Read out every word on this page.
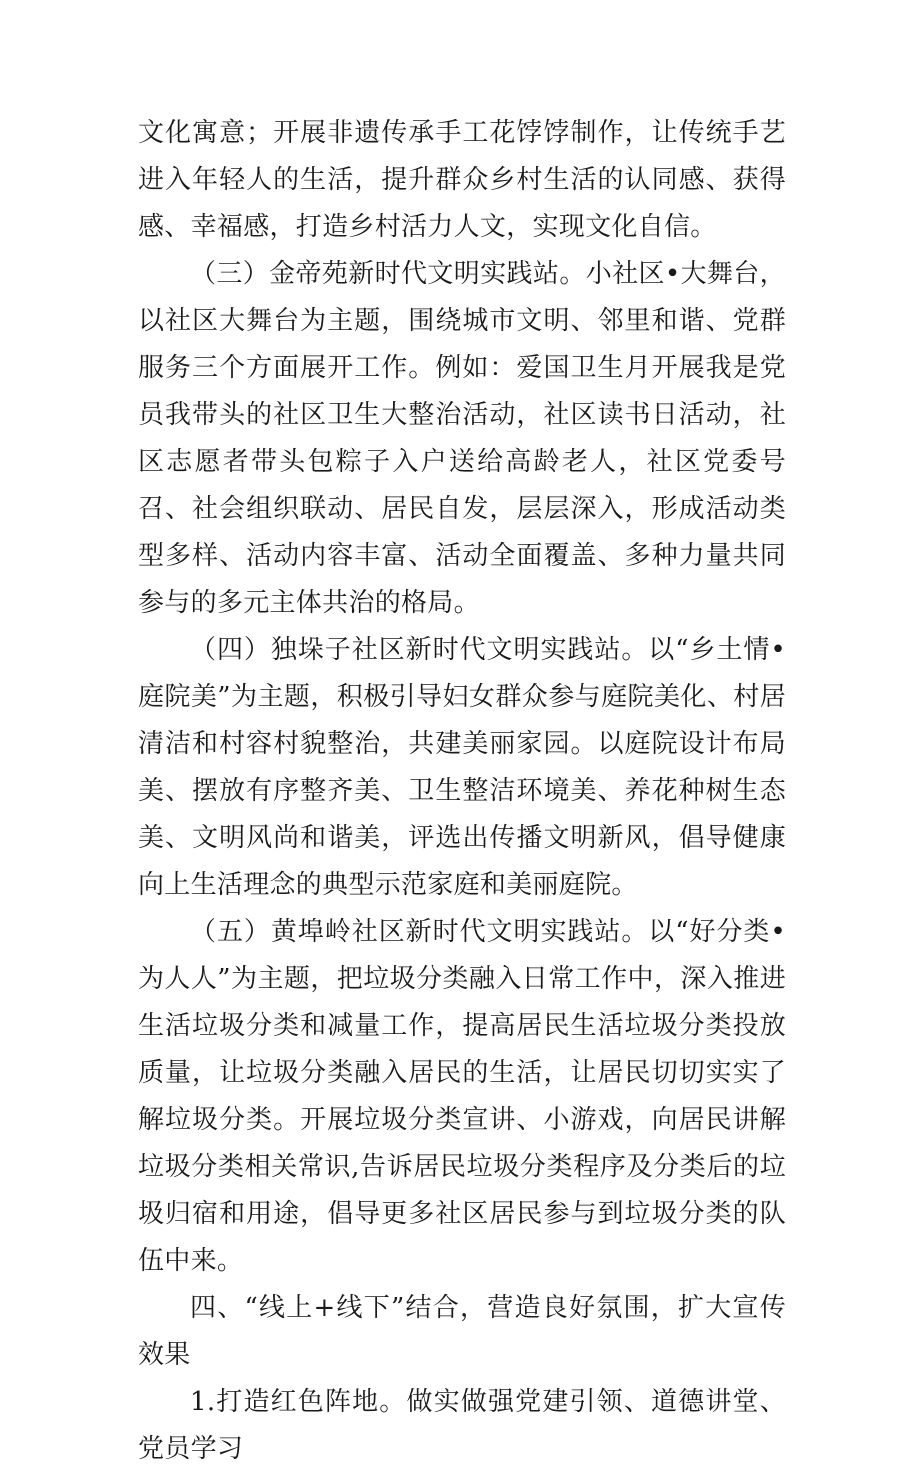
文化寓意；开展非遗传承手工花饽饽制作，让传统手艺进入年轻人的生活，提升群众乡村生活的认同感、获得感、幸福感，打造乡村活力人文，实现文化自信。

（三）金帝苑新时代文明实践站。小社区•大舞台，以社区大舞台为主题，围绕城市文明、邻里和谐、党群服务三个方面展开工作。例如：爱国卫生月开展我是党员我带头的社区卫生大整治活动，社区读书日活动，社区志愿者带头包粽子入户送给高龄老人，社区党委号召、社会组织联动、居民自发，层层深入，形成活动类型多样、活动内容丰富、活动全面覆盖、多种力量共同参与的多元主体共治的格局。

（四）独垛子社区新时代文明实践站。以“乡土情•庭院美”为主题，积极引导妇女群众参与庭院美化、村居清洁和村容村貌整治，共建美丽家园。以庭院设计布局美、摆放有序整齐美、卫生整洁环境美、养花种树生态美、文明风尚和谐美，评选出传播文明新风，倡导健康向上生活理念的典型示范家庭和美丽庭院。

（五）黄埠岭社区新时代文明实践站。以“好分类•为人人”为主题，把垃圾分类融入日常工作中，深入推进生活垃圾分类和减量工作，提高居民生活垃圾分类投放质量，让垃圾分类融入居民的生活，让居民切切实实了解垃圾分类。开展垃圾分类宣讲、小游戏，向居民讲解垃圾分类相关常识,告诉居民垃圾分类程序及分类后的垃圾归宿和用途，倡导更多社区居民参与到垃圾分类的队伍中来。

四、“线上+线下”结合，营造良好氛围，扩大宣传效果

1.打造红色阵地。做实做强党建引领、道德讲堂、党员学习
